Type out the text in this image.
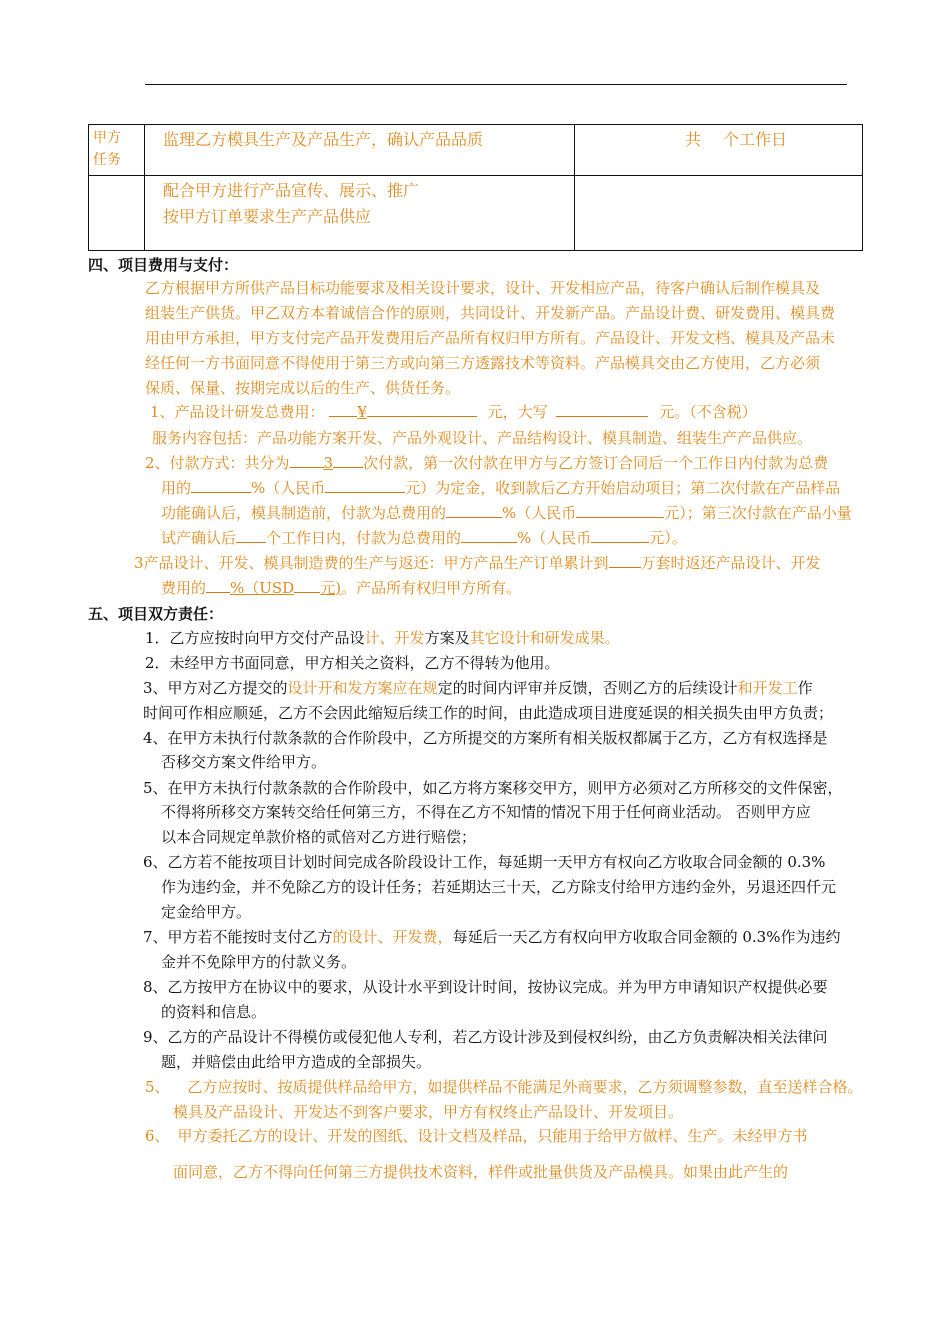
甲方任务	监理乙方模具生产及产品生产，确认产品品质	共 个工作日

	配合甲方进行产品宣传、展示、推广
按甲方订单要求生产产品供应	

四、项目费用与支付：
乙方根据甲方所供产品目标功能要求及相关设计要求，设计、开发相应产品，待客户确认后制作模具及
组装生产供货。甲乙双方本着诚信合作的原则，共同设计、开发新产品。产品设计费、研发费用、模具费
用由甲方承担，甲方支付完产品开发费用后产品所有权归甲方所有。产品设计、开发文档、模具及产品未
经任何一方书面同意不得使用于第三方或向第三方透露技术等资料。产品模具交由乙方使用，乙方必须
保质、保量、按期完成以后的生产、供货任务。
1、产品设计研发总费用： ¥	元，大写	元。（不含税）
服务内容包括：产品功能方案开发、产品外观设计、产品结构设计、模具制造、组装生产产品供应。
2、付款方式：共分为 3 次付款，第一次付款在甲方与乙方签订合同后一个工作日内付款为总费
用的	%（人民币	元）为定金，收到款后乙方开始启动项目；第二次付款在产品样品
功能确认后，模具制造前，付款为总费用的	%（人民币	元）；第三次付款在产品小量
试产确认后 个工作日内，付款为总费用的	%（人民币	元）。
3产品设计、开发、模具制造费的生产与返还：甲方产品生产订单累计到 万套时返还产品设计、开发
费用的 %（USD 元)。产品所有权归甲方所有。
五、项目双方责任：
1．乙方应按时向甲方交付产品设计、开发方案及其它设计和研发成果。
2．未经甲方书面同意，甲方相关之资料，乙方不得转为他用。
3、甲方对乙方提交的设计开和发方案应在规定的时间内评审并反馈，否则乙方的后续设计和开发工作
时间可作相应顺延，乙方不会因此缩短后续工作的时间，由此造成项目进度延误的相关损失由甲方负责；
4、在甲方未执行付款条款的合作阶段中，乙方所提交的方案所有相关版权都属于乙方，乙方有权选择是
否移交方案文件给甲方。
5、在甲方未执行付款条款的合作阶段中，如乙方将方案移交甲方，则甲方必须对乙方所移交的文件保密，
不得将所移交方案转交给任何第三方，不得在乙方不知情的情况下用于任何商业活动。 否则甲方应
以本合同规定单款价格的贰倍对乙方进行赔偿；
6、乙方若不能按项目计划时间完成各阶段设计工作，每延期一天甲方有权向乙方收取合同金额的 0.3%
作为违约金，并不免除乙方的设计任务；若延期达三十天，乙方除支付给甲方违约金外，另退还四仟元
定金给甲方。
7、甲方若不能按时支付乙方的设计、开发费，每延后一天乙方有权向甲方收取合同金额的 0.3%作为违约
金并不免除甲方的付款义务。
8、乙方按甲方在协议中的要求，从设计水平到设计时间，按协议完成。并为甲方申请知识产权提供必要
的资料和信息。
9、乙方的产品设计不得模仿或侵犯他人专利，若乙方设计涉及到侵权纠纷，由乙方负责解决相关法律问
题，并赔偿由此给甲方造成的全部损失。
5、 乙方应按时、按质提供样品给甲方，如提供样品不能满足外商要求，乙方须调整参数，直至送样合格。
模具及产品设计、开发达不到客户要求，甲方有权终止产品设计、开发项目。
6、 甲方委托乙方的设计、开发的图纸、设计文档及样品，只能用于给甲方做样、生产。未经甲方书
面同意，乙方不得向任何第三方提供技术资料，样件或批量供货及产品模具。如果由此产生的
